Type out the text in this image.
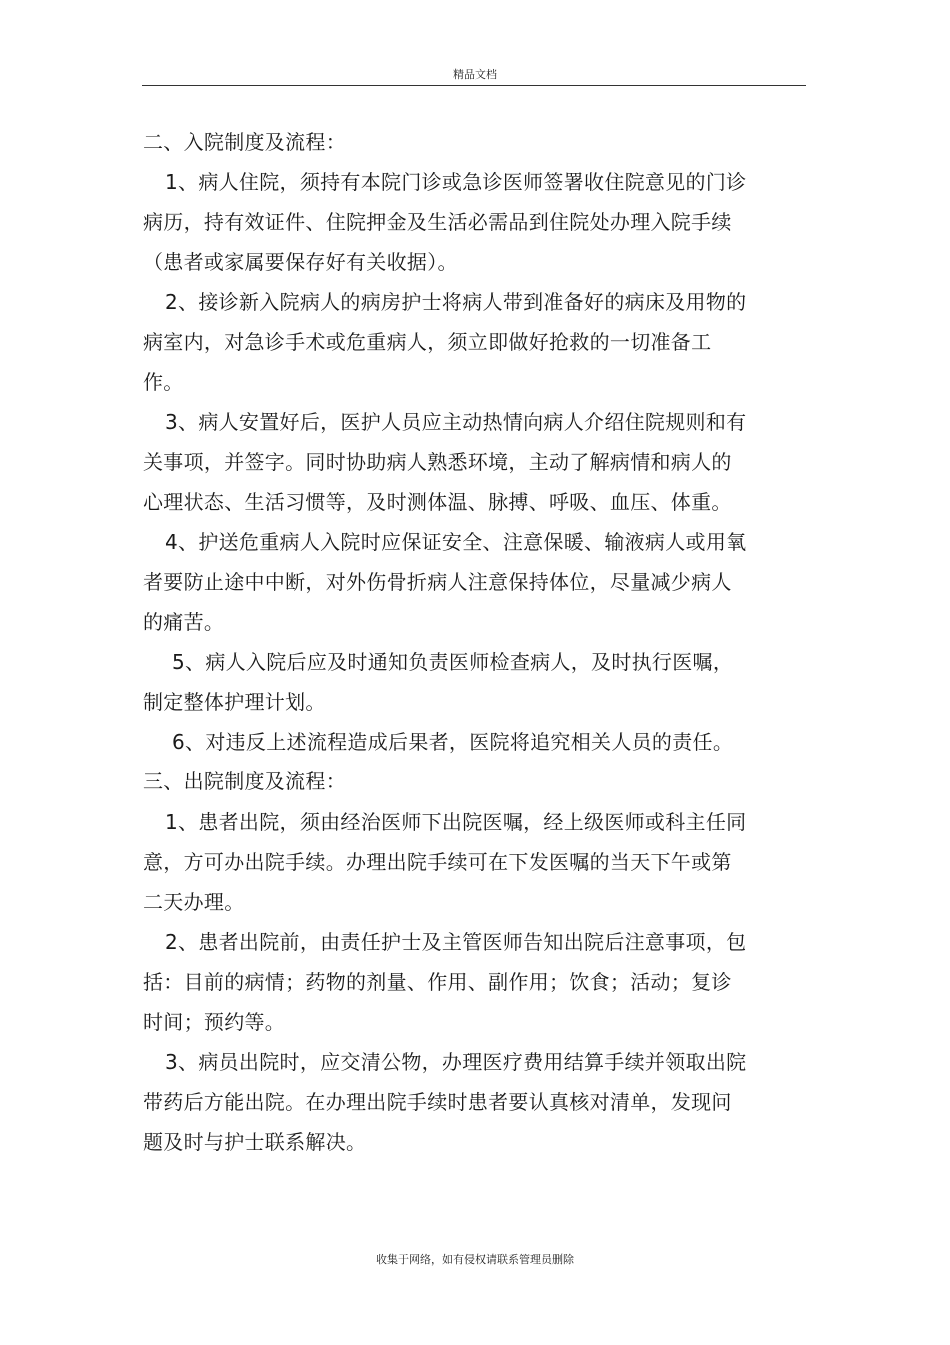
精品文档
二、入院制度及流程：
1、病人住院，须持有本院门诊或急诊医师签署收住院意见的门诊
病历，持有效证件、住院押金及生活必需品到住院处办理入院手续
（患者或家属要保存好有关收据）。
2、接诊新入院病人的病房护士将病人带到准备好的病床及用物的
病室内，对急诊手术或危重病人，须立即做好抢救的一切准备工
作。
3、病人安置好后，医护人员应主动热情向病人介绍住院规则和有
关事项，并签字。同时协助病人熟悉环境，主动了解病情和病人的
心理状态、生活习惯等，及时测体温、脉搏、呼吸、血压、体重。
4、护送危重病人入院时应保证安全、注意保暖、输液病人或用氧
者要防止途中中断，对外伤骨折病人注意保持体位，尽量减少病人
的痛苦。
5、病人入院后应及时通知负责医师检查病人，及时执行医嘱，
制定整体护理计划。
6、对违反上述流程造成后果者，医院将追究相关人员的责任。
三、出院制度及流程：
1、患者出院，须由经治医师下出院医嘱，经上级医师或科主任同
意，方可办出院手续。办理出院手续可在下发医嘱的当天下午或第
二天办理。
2、患者出院前，由责任护士及主管医师告知出院后注意事项，包
括：目前的病情；药物的剂量、作用、副作用；饮食；活动；复诊
时间；预约等。
3、病员出院时，应交清公物，办理医疗费用结算手续并领取出院
带药后方能出院。在办理出院手续时患者要认真核对清单，发现问
题及时与护士联系解决。
收集于网络，如有侵权请联系管理员删除
